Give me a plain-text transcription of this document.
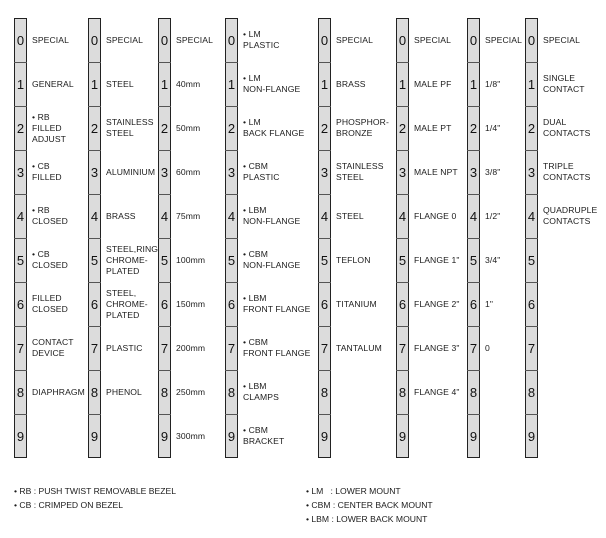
0 SPECIAL
1 GENERAL
2
• RB
FILLED
ADJUST
3 • CB
FILLED
4 • RB
CLOSED
5 • CB
CLOSED
6 FILLED
CLOSED
7 CONTACT
DEVICE
8 DIAPHRAGM
9
0 SPECIAL
1 STEEL
2 STAINLESS
STEEL
3 ALUMINIUM
4 BRASS
5
STEEL,RING
CHROME-
PLATED
6
STEEL,
CHROME-
PLATED
7 PLASTIC
8 PHENOL
9
0 SPECIAL
1 40mm
2 50mm
3 60mm
4 75mm
5 100mm
6 150mm
7 200mm
8 250mm
9 300mm
0 • LM
PLASTIC
1 • LM
NON-FLANGE
2 • LM
BACK FLANGE
3 • CBM
PLASTIC
4 • LBM
NON-FLANGE
5 • CBM
NON-FLANGE
6 • LBM
FRONT FLANGE
7 • CBM
FRONT FLANGE
8 • LBM
CLAMPS
9 • CBM
BRACKET
0 SPECIAL
1 BRASS
2 PHOSPHOR-
BRONZE
3 STAINLESS
STEEL
4 STEEL
5 TEFLON
6 TITANIUM
7 TANTALUM
8
9
0 SPECIAL
1 MALE PF
2 MALE PT
3 MALE NPT
4 FLANGE 0
5 FLANGE 1"
6 FLANGE 2"
7 FLANGE 3"
8 FLANGE 4"
9
0 SPECIAL
1 1/8"
2 1/4"
3 3/8"
4 1/2"
5 3/4"
6 1"
7 0
8
9
0 SPECIAL
1 SINGLE
CONTACT
2 DUAL
CONTACTS
3 TRIPLE
CONTACTS
4 QUADRUPLE
CONTACTS
5
6
7
8
9
• RB : PUSH TWIST REMOVABLE BEZEL
• CB : CRIMPED ON BEZEL
• LM   : LOWER MOUNT
• CBM : CENTER BACK MOUNT
• LBM : LOWER BACK MOUNT
